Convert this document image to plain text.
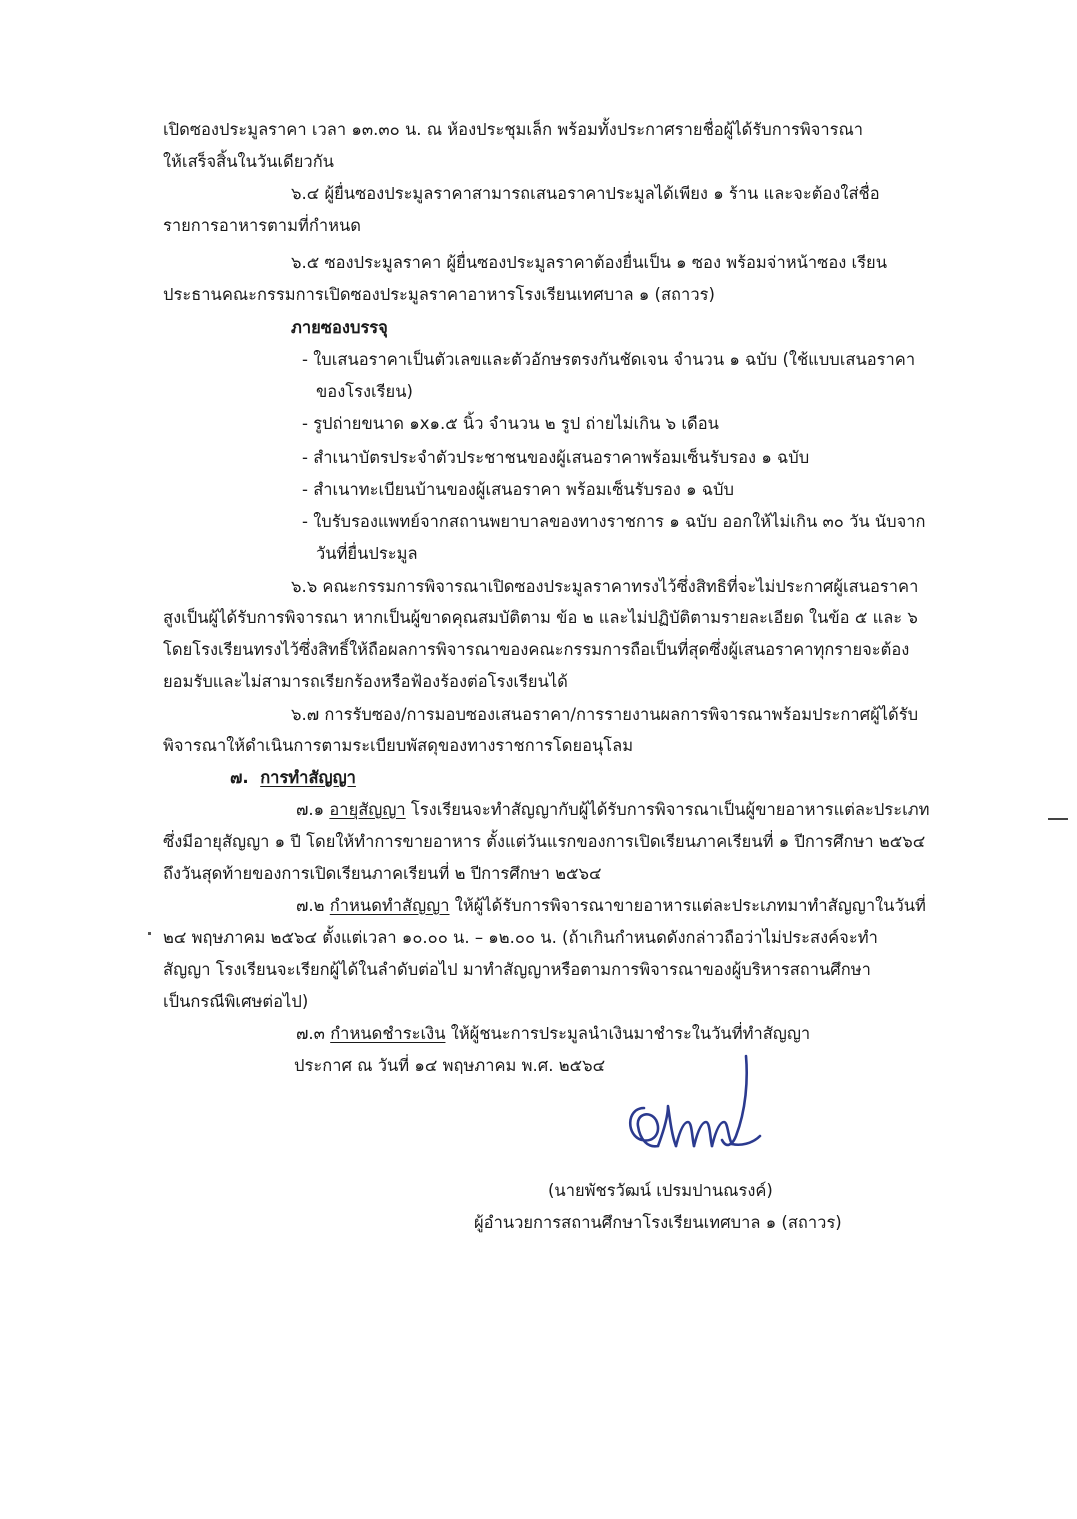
เปิดซองประมูลราคา เวลา ๑๓.๓๐ น. ณ ห้องประชุมเล็ก พร้อมทั้งประกาศรายชื่อผู้ได้รับการพิจารณา
ให้เสร็จสิ้นในวันเดียวกัน
๖.๔ ผู้ยื่นซองประมูลราคาสามารถเสนอราคาประมูลได้เพียง ๑ ร้าน และจะต้องใส่ชื่อ
รายการอาหารตามที่กำหนด
๖.๕ ซองประมูลราคา ผู้ยื่นซองประมูลราคาต้องยื่นเป็น ๑ ซอง พร้อมจ่าหน้าซอง เรียน
ประธานคณะกรรมการเปิดซองประมูลราคาอาหารโรงเรียนเทศบาล ๑ (สถาวร)
ภายซองบรรจุ
- ใบเสนอราคาเป็นตัวเลขและตัวอักษรตรงกันชัดเจน จำนวน ๑ ฉบับ (ใช้แบบเสนอราคา
ของโรงเรียน)
- รูปถ่ายขนาด ๑x๑.๕ นิ้ว จำนวน ๒ รูป ถ่ายไม่เกิน ๖ เดือน
- สำเนาบัตรประจำตัวประชาชนของผู้เสนอราคาพร้อมเซ็นรับรอง ๑ ฉบับ
- สำเนาทะเบียนบ้านของผู้เสนอราคา พร้อมเซ็นรับรอง ๑ ฉบับ
- ใบรับรองแพทย์จากสถานพยาบาลของทางราชการ ๑ ฉบับ ออกให้ไม่เกิน ๓๐ วัน นับจาก
วันที่ยื่นประมูล
๖.๖ คณะกรรมการพิจารณาเปิดซองประมูลราคาทรงไว้ซึ่งสิทธิที่จะไม่ประกาศผู้เสนอราคา
สูงเป็นผู้ได้รับการพิจารณา หากเป็นผู้ขาดคุณสมบัติตาม ข้อ ๒ และไม่ปฏิบัติตามรายละเอียด ในข้อ ๕ และ ๖
โดยโรงเรียนทรงไว้ซึ่งสิทธิ์ให้ถือผลการพิจารณาของคณะกรรมการถือเป็นที่สุดซึ่งผู้เสนอราคาทุกรายจะต้อง
ยอมรับและไม่สามารถเรียกร้องหรือฟ้องร้องต่อโรงเรียนได้
๖.๗ การรับซอง/การมอบซองเสนอราคา/การรายงานผลการพิจารณาพร้อมประกาศผู้ได้รับ
พิจารณาให้ดำเนินการตามระเบียบพัสดุของทางราชการโดยอนุโลม
๗. การทำสัญญา
๗.๑ อายุสัญญา โรงเรียนจะทำสัญญากับผู้ได้รับการพิจารณาเป็นผู้ขายอาหารแต่ละประเภท
ซึ่งมีอายุสัญญา ๑ ปี โดยให้ทำการขายอาหาร ตั้งแต่วันแรกของการเปิดเรียนภาคเรียนที่ ๑ ปีการศึกษา ๒๕๖๔
ถึงวันสุดท้ายของการเปิดเรียนภาคเรียนที่ ๒ ปีการศึกษา ๒๕๖๔
๗.๒ กำหนดทำสัญญา ให้ผู้ได้รับการพิจารณาขายอาหารแต่ละประเภทมาทำสัญญาในวันที่
๒๔ พฤษภาคม ๒๕๖๔ ตั้งแต่เวลา ๑๐.๐๐ น. – ๑๒.๐๐ น. (ถ้าเกินกำหนดดังกล่าวถือว่าไม่ประสงค์จะทำ
สัญญา โรงเรียนจะเรียกผู้ได้ในลำดับต่อไป มาทำสัญญาหรือตามการพิจารณาของผู้บริหารสถานศึกษา
เป็นกรณีพิเศษต่อไป)
๗.๓ กำหนดชำระเงิน ให้ผู้ชนะการประมูลนำเงินมาชำระในวันที่ทำสัญญา
ประกาศ ณ วันที่ ๑๔ พฤษภาคม พ.ศ. ๒๕๖๔
(นายพัชรวัฒน์ เปรมปานณรงค์)
ผู้อำนวยการสถานศึกษาโรงเรียนเทศบาล ๑ (สถาวร)
